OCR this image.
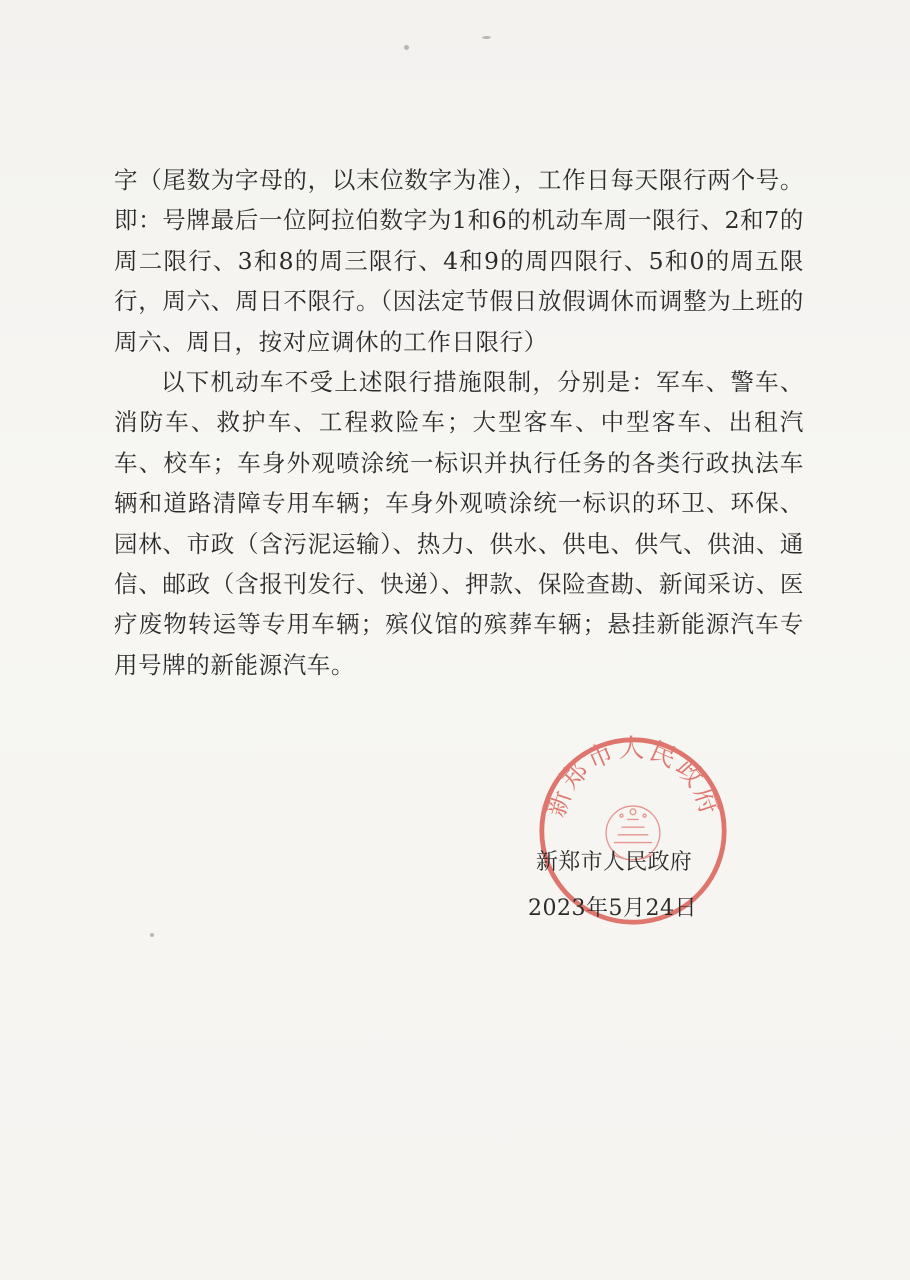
字（尾数为字母的，以末位数字为准），工作日每天限行两个号。即：号牌最后一位阿拉伯数字为1和6的机动车周一限行、2和7的周二限行、3和8的周三限行、4和9的周四限行、5和0的周五限行，周六、周日不限行。（因法定节假日放假调休而调整为上班的周六、周日，按对应调休的工作日限行）

以下机动车不受上述限行措施限制，分别是：军车、警车、消防车、救护车、工程救险车；大型客车、中型客车、出租汽车、校车；车身外观喷涂统一标识并执行任务的各类行政执法车辆和道路清障专用车辆；车身外观喷涂统一标识的环卫、环保、园林、市政（含污泥运输）、热力、供水、供电、供气、供油、通信、邮政（含报刊发行、快递）、押款、保险查勘、新闻采访、医疗废物转运等专用车辆；殡仪馆的殡葬车辆；悬挂新能源汽车专用号牌的新能源汽车。

新郑市人民政府
新郑市人民政府
2023年5月24日
